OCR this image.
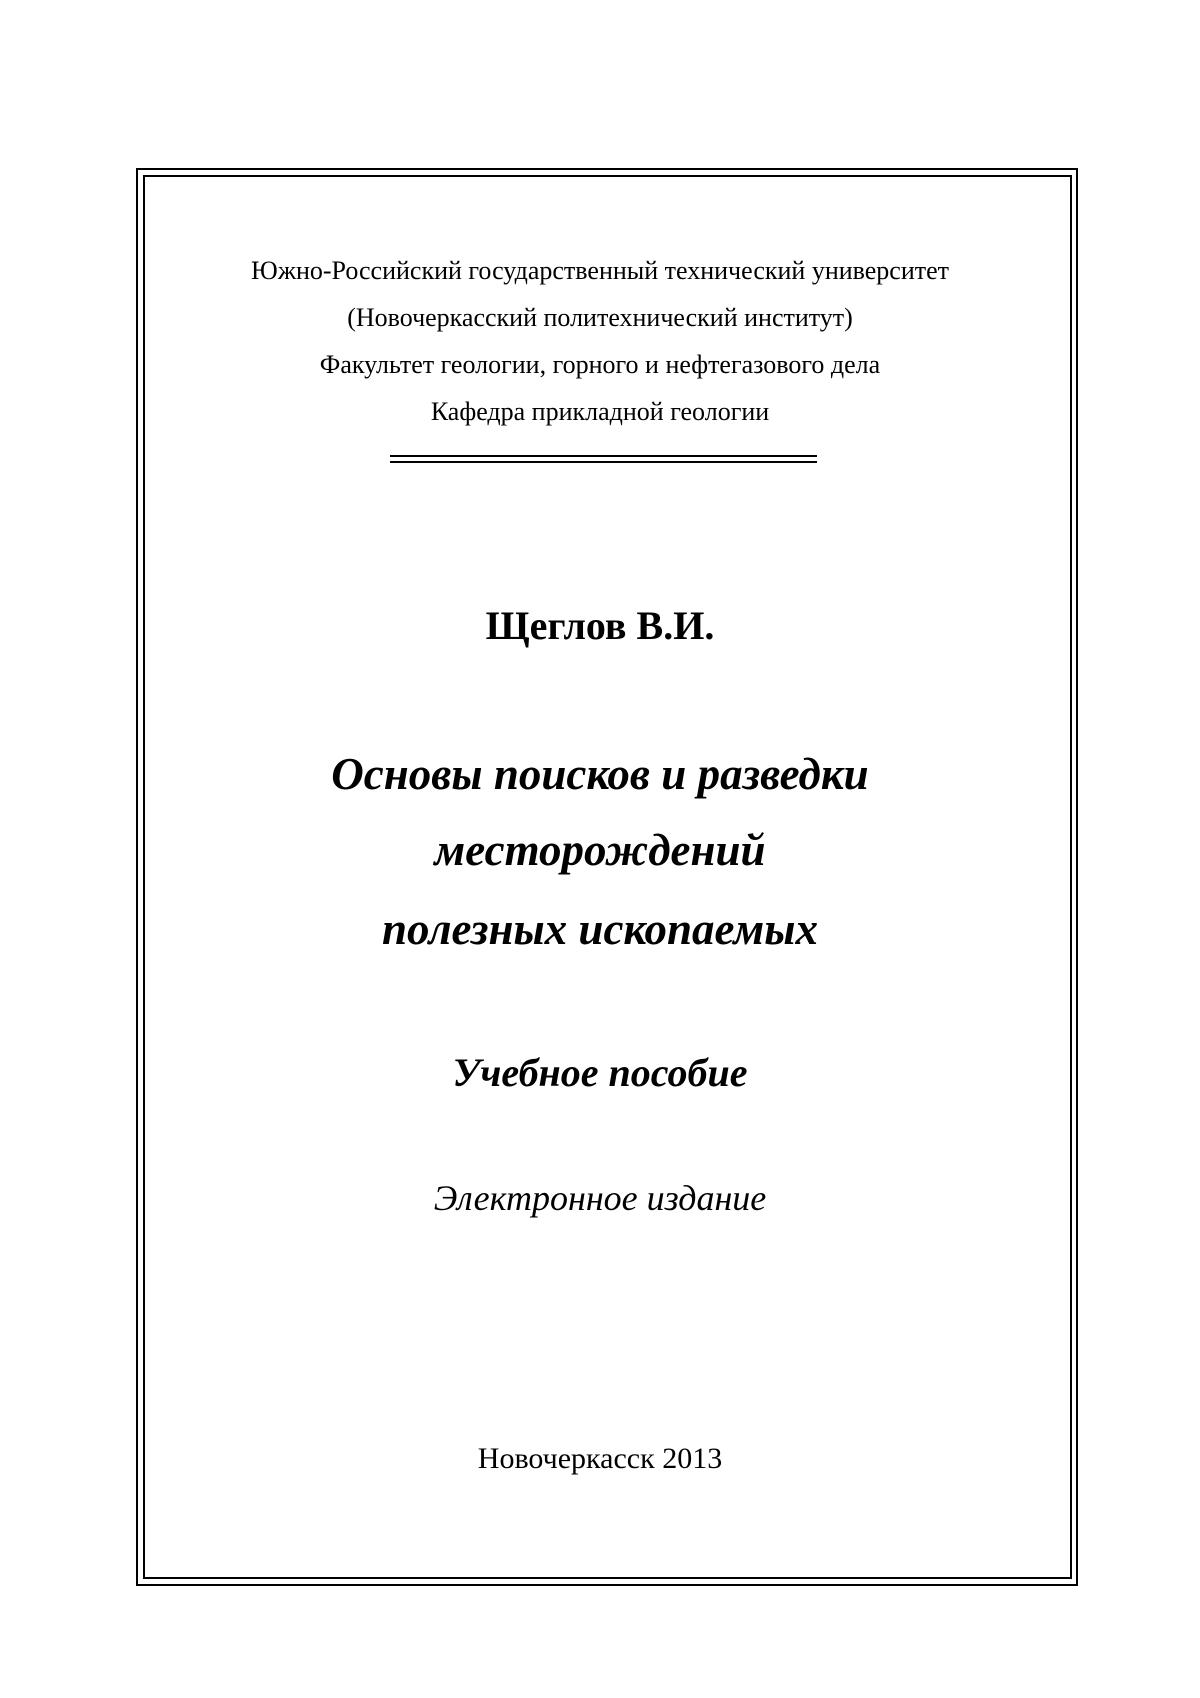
Южно-Российский государственный технический университет
(Новочеркасский политехнический институт)
Факультет геологии, горного и нефтегазового дела
Кафедра прикладной геологии
Щеглов В.И.
Основы поисков и разведки
месторождений
полезных ископаемых
Учебное пособие
Электронное издание
Новочеркасск 2013
